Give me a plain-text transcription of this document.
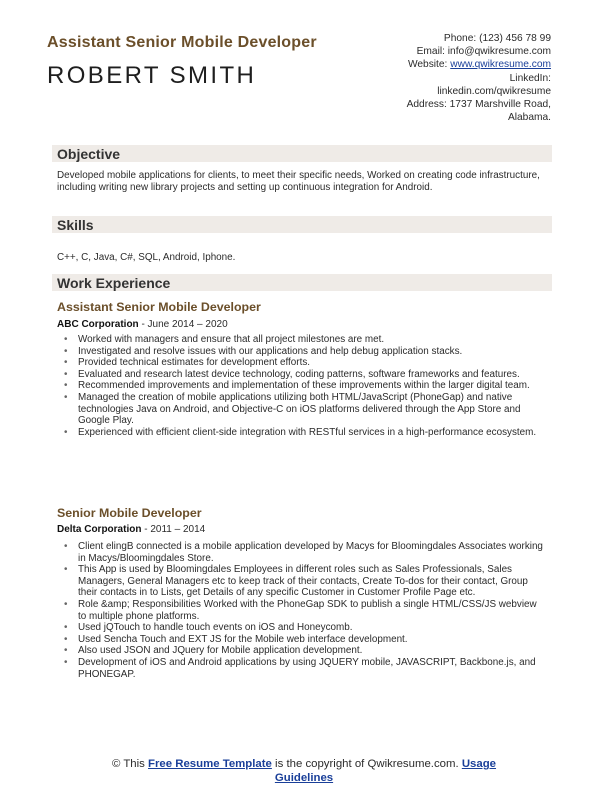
Assistant Senior Mobile Developer
ROBERT SMITH
Phone: (123) 456 78 99
Email: info@qwikresume.com
Website: www.qwikresume.com
LinkedIn:
linkedin.com/qwikresume
Address: 1737 Marshville Road,
Alabama.
Objective
Developed mobile applications for clients, to meet their specific needs, Worked on creating code infrastructure, including writing new library projects and setting up continuous integration for Android.
Skills
C++, C, Java, C#, SQL, Android, Iphone.
Work Experience
Assistant Senior Mobile Developer
ABC Corporation - June 2014 – 2020
• Worked with managers and ensure that all project milestones are met.
• Investigated and resolve issues with our applications and help debug application stacks.
• Provided technical estimates for development efforts.
• Evaluated and research latest device technology, coding patterns, software frameworks and features.
• Recommended improvements and implementation of these improvements within the larger digital team.
• Managed the creation of mobile applications utilizing both HTML/JavaScript (PhoneGap) and native technologies Java on Android, and Objective-C on iOS platforms delivered through the App Store and Google Play.
• Experienced with efficient client-side integration with RESTful services in a high-performance ecosystem.
Senior Mobile Developer
Delta Corporation - 2011 – 2014
• Client elingB connected is a mobile application developed by Macys for Bloomingdales Associates working in Macys/Bloomingdales Store.
• This App is used by Bloomingdales Employees in different roles such as Sales Professionals, Sales Managers, General Managers etc to keep track of their contacts, Create To-dos for their contact, Group their contacts in to Lists, get Details of any specific Customer in Customer Profile Page etc.
• Role &amp; Responsibilities Worked with the PhoneGap SDK to publish a single HTML/CSS/JS webview to multiple phone platforms.
• Used jQTouch to handle touch events on iOS and Honeycomb.
• Used Sencha Touch and EXT JS for the Mobile web interface development.
• Also used JSON and JQuery for Mobile application development.
• Development of iOS and Android applications by using JQUERY mobile, JAVASCRIPT, Backbone.js, and PHONEGAP.
© This Free Resume Template is the copyright of Qwikresume.com. Usage Guidelines
